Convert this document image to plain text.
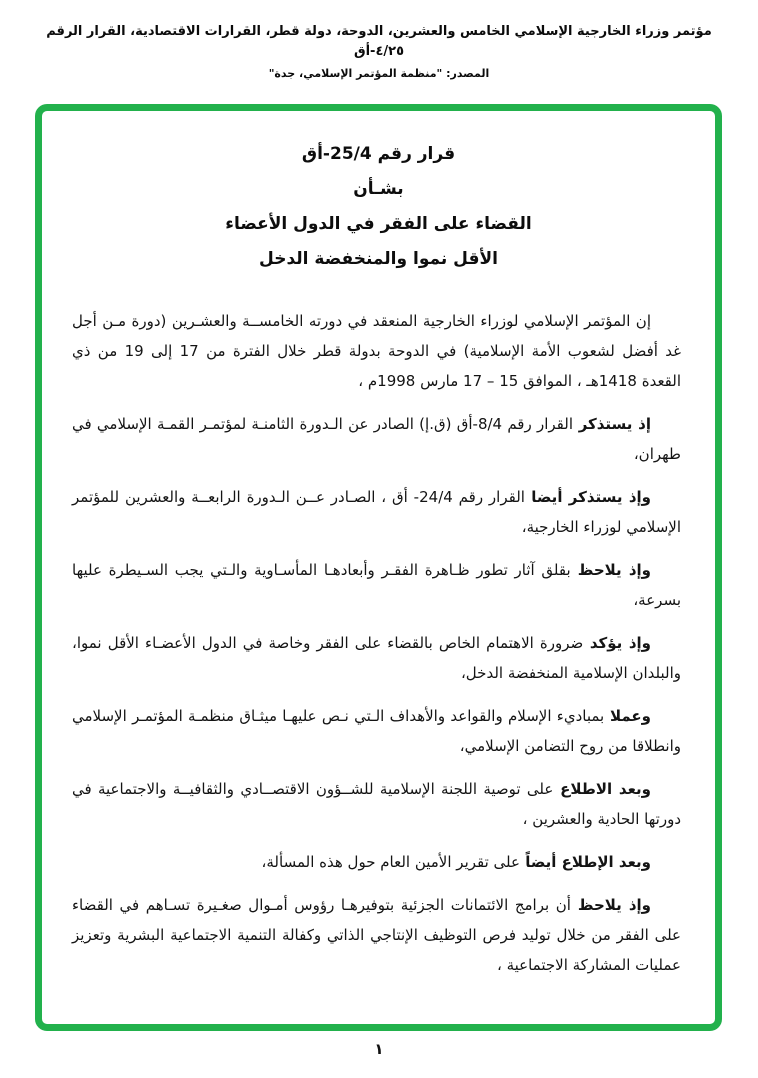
مؤتمر وزراء الخارجية الإسلامي الخامس والعشرين، الدوحة، دولة قطر، القرارات الاقتصادية، القرار الرقم ٤/٢٥-أق
المصدر: "منظمة المؤتمر الإسلامي، جدة"
قرار رقم 25/4-أق
بشـأن
القضاء على الفقر في الدول الأعضاء
الأقل نموا والمنخفضة الدخل

إن المؤتمر الإسلامي لوزراء الخارجية المنعقد في دورته الخامســة والعشـرين (دورة مـن أجل غد أفضل لشعوب الأمة الإسلامية) في الدوحة بدولة قطر خلال الفترة من 17 إلى 19 من ذي القعدة 1418هـ ، الموافق 15 – 17 مارس 1998م ،

إذ يستذكر القرار رقم 8/4-أق (ق.إ) الصادر عن الـدورة الثامنـة لمؤتمـر القمـة الإسلامي في طهران،

وإذ يستذكر أيضا القرار رقم 24/4- أق ، الصـادر عــن الـدورة الرابعــة والعشرين للمؤتمر الإسلامي لوزراء الخارجية،

وإذ يلاحظ بقلق آثار تطور ظـاهرة الفقـر وأبعادهـا المأسـاوية والـتي يجب السـيطرة عليها بسرعة،

وإذ يؤكد ضرورة الاهتمام الخاص بالقضاء على الفقر وخاصة في الدول الأعضـاء الأقل نموا، والبلدان الإسلامية المنخفضة الدخل،

وعملا بمباديء الإسلام والقواعد والأهداف الـتي نـص عليهـا ميثـاق منظمـة المؤتمـر الإسلامي وانطلاقا من روح التضامن الإسلامي،

وبعد الاطلاع على توصية اللجنة الإسلامية للشــؤون الاقتصــادي والثقافيــة والاجتماعية في دورتها الحادية والعشرين ،

وبعد الإطلاع أيضاً على تقرير الأمين العام حول هذه المسألة،

وإذ يلاحظ أن برامج الائتمانات الجزئية بتوفيرهـا رؤوس أمـوال صغـيرة تسـاهم في القضاء على الفقر من خلال توليد فرص التوظيف الإنتاجي الذاتي وكفالة التنمية الاجتماعية البشرية وتعزيز عمليات المشاركة الاجتماعية ،

١
